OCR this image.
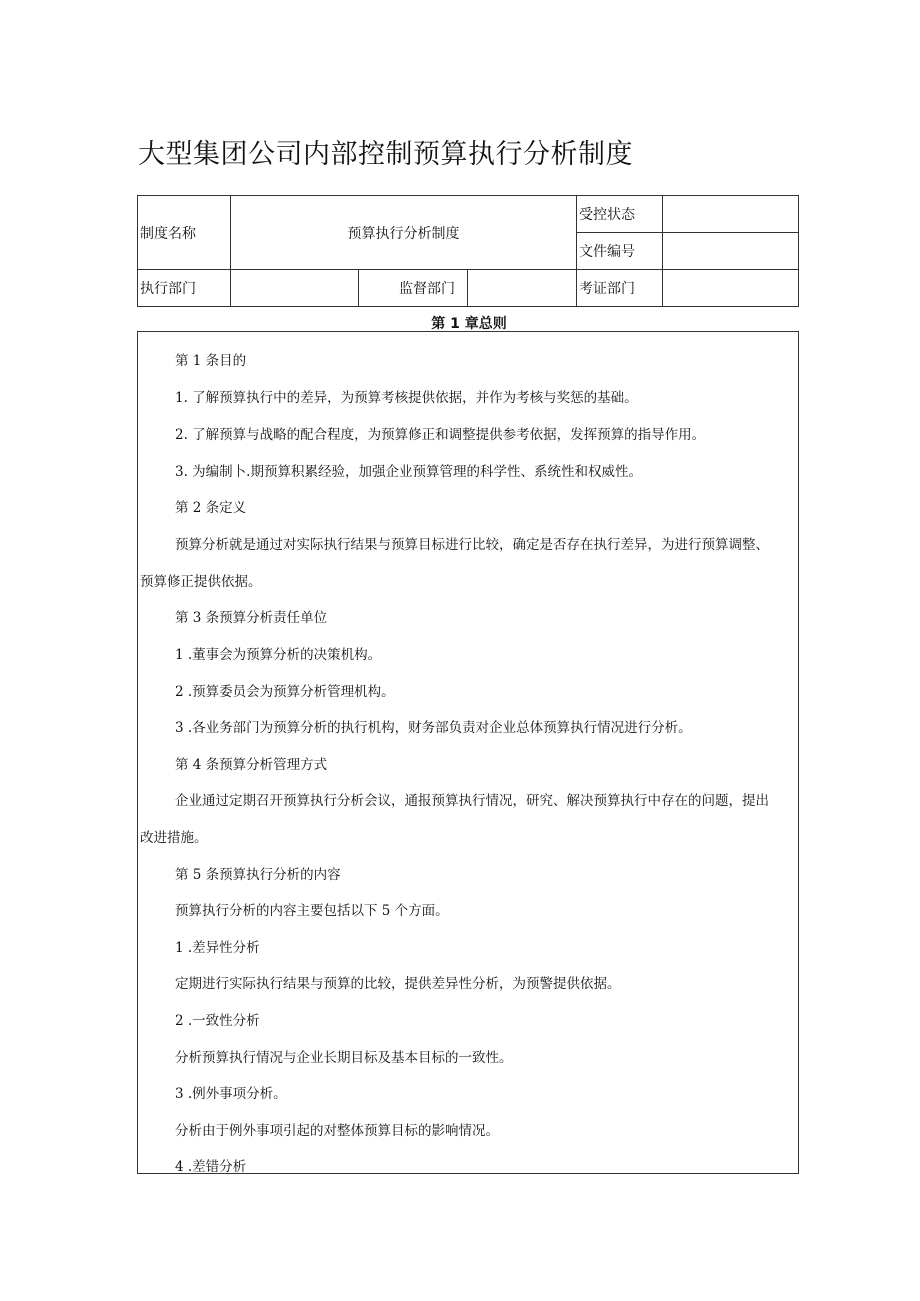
大型集团公司内部控制预算执行分析制度
制度名称	预算执行分析制度			受控状态	
				文件编号	
执行部门		监督部门		考证部门	
第 1 章总则
第 1 条目的
1. 了解预算执行中的差异，为预算考核提供依据，并作为考核与奖惩的基础。
2. 了解预算与战略的配合程度，为预算修正和调整提供参考依据，发挥预算的指导作用。
3. 为编制卜.期预算积累经验，加强企业预算管理的科学性、系统性和权威性。
第 2 条定义
预算分析就是通过对实际执行结果与预算目标进行比较，确定是否存在执行差异，为进行预算调整、
预算修正提供依据。
第 3 条预算分析责任单位
1 .董事会为预算分析的决策机构。
2 .预算委员会为预算分析管理机构。
3 .各业务部门为预算分析的执行机构，财务部负责对企业总体预算执行情况进行分析。
第 4 条预算分析管理方式
企业通过定期召开预算执行分析会议，通报预算执行情况，研究、解决预算执行中存在的问题，提出
改进措施。
第 5 条预算执行分析的内容
预算执行分析的内容主要包括以下 5 个方面。
1 .差异性分析
定期进行实际执行结果与预算的比较，提供差异性分析，为预警提供依据。
2 .一致性分析
分析预算执行情况与企业长期目标及基本目标的一致性。
3 .例外事项分析。
分析由于例外事项引起的对整体预算目标的影响情况。
4 .差错分析
